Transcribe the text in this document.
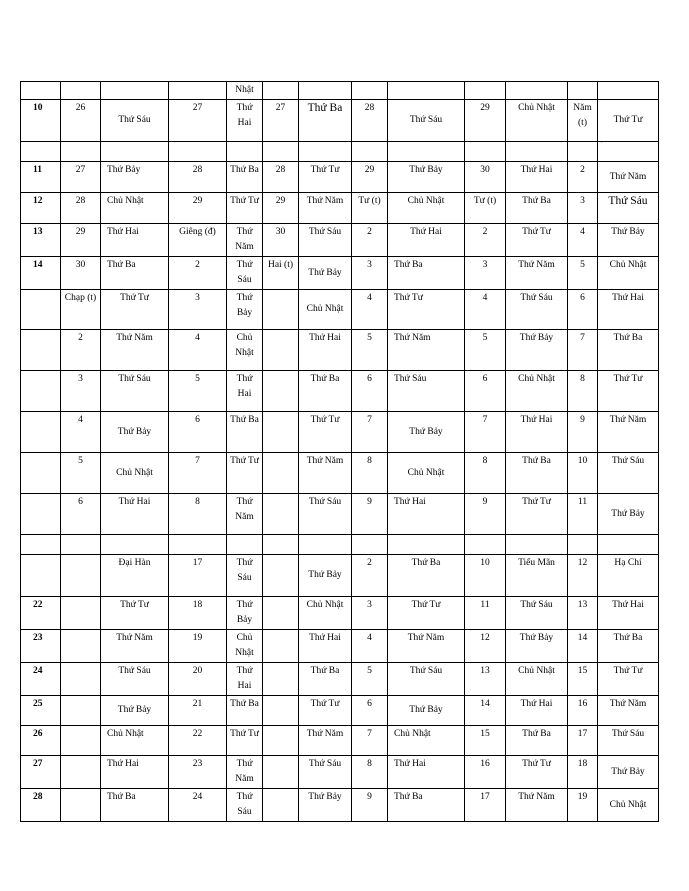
				Nhật								
10	26	Thứ Sáu	27	Thứ Hai	27	Thứ Ba	28	Thứ Sáu	29	Chủ Nhật	Năm (t)	Thứ Tư

11	27	Thứ Bảy	28	Thứ Ba	28	Thứ Tư	29	Thứ Bảy	30	Thứ Hai	2	Thứ Năm
12	28	Chủ Nhật	29	Thứ Tư	29	Thứ Năm	Tư (t)	Chủ Nhật	Tư (t)	Thứ Ba	3	Thứ Sáu
13	29	Thứ Hai	Giêng (đ)	Thứ Năm	30	Thứ Sáu	2	Thứ Hai	2	Thứ Tư	4	Thứ Bảy
14	30	Thứ Ba	2	Thứ Sáu	Hai (t)	Thứ Bảy	3	Thứ Ba	3	Thứ Năm	5	Chủ Nhật
	Chạp (t)	Thứ Tư	3	Thứ Bảy		Chủ Nhật	4	Thứ Tư	4	Thứ Sáu	6	Thứ Hai
	2	Thứ Năm	4	Chủ Nhật		Thứ Hai	5	Thứ Năm	5	Thứ Bảy	7	Thứ Ba
	3	Thứ Sáu	5	Thứ Hai		Thứ Ba	6	Thứ Sáu	6	Chủ Nhật	8	Thứ Tư
	4	Thứ Bảy	6	Thứ Ba		Thứ Tư	7	Thứ Bảy	7	Thứ Hai	9	Thứ Năm
	5	Chủ Nhật	7	Thứ Tư		Thứ Năm	8	Chủ Nhật	8	Thứ Ba	10	Thứ Sáu
	6	Thứ Hai	8	Thứ Năm		Thứ Sáu	9	Thứ Hai	9	Thứ Tư	11	Thứ Bảy

		Đại Hàn	17	Thứ Sáu		Thứ Bảy	2	Thứ Ba	10	Tiểu Mãn	12	Hạ Chí
22		Thứ Tư	18	Thứ Bảy		Chủ Nhật	3	Thứ Tư	11	Thứ Sáu	13	Thứ Hai
23		Thứ Năm	19	Chủ Nhật		Thứ Hai	4	Thứ Năm	12	Thứ Bảy	14	Thứ Ba
24		Thứ Sáu	20	Thứ Hai		Thứ Ba	5	Thứ Sáu	13	Chủ Nhật	15	Thứ Tư
25		Thứ Bảy	21	Thứ Ba		Thứ Tư	6	Thứ Bảy	14	Thứ Hai	16	Thứ Năm
26		Chủ Nhật	22	Thứ Tư		Thứ Năm	7	Chủ Nhật	15	Thứ Ba	17	Thứ Sáu
27		Thứ Hai	23	Thứ Năm		Thứ Sáu	8	Thứ Hai	16	Thứ Tư	18	Thứ Bảy
28		Thứ Ba	24	Thứ Sáu		Thứ Bảy	9	Thứ Ba	17	Thứ Năm	19	Chủ Nhật
`
